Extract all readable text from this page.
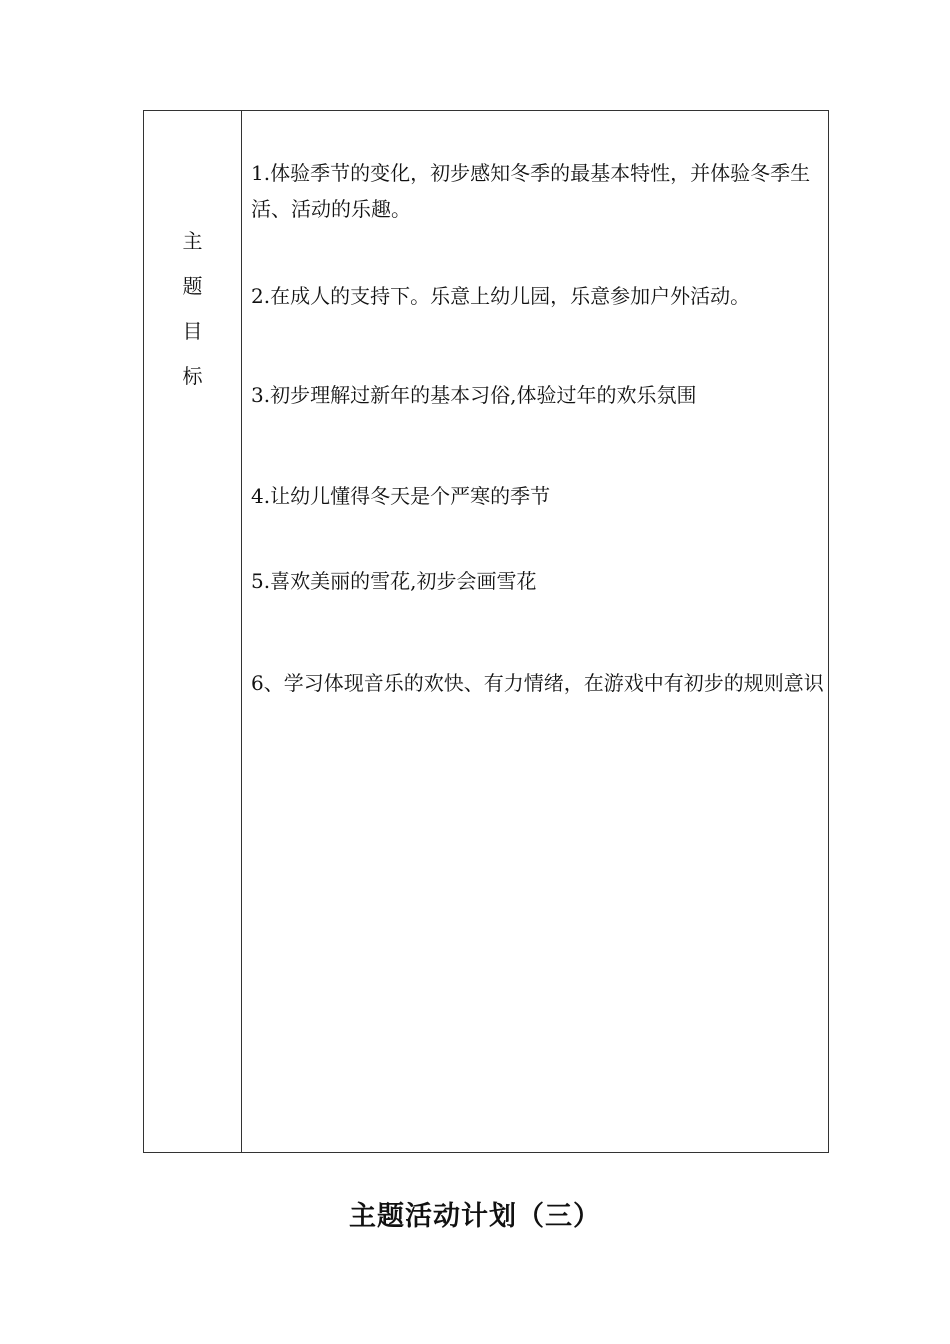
主
题
目
标

1.体验季节的变化，初步感知冬季的最基本特性，并体验冬季生活、活动的乐趣。

2.在成人的支持下。乐意上幼儿园，乐意参加户外活动。

3.初步理解过新年的基本习俗,体验过年的欢乐氛围

4.让幼儿懂得冬天是个严寒的季节

5.喜欢美丽的雪花,初步会画雪花

6、学习体现音乐的欢快、有力情绪，在游戏中有初步的规则意识

主题活动计划（三）
